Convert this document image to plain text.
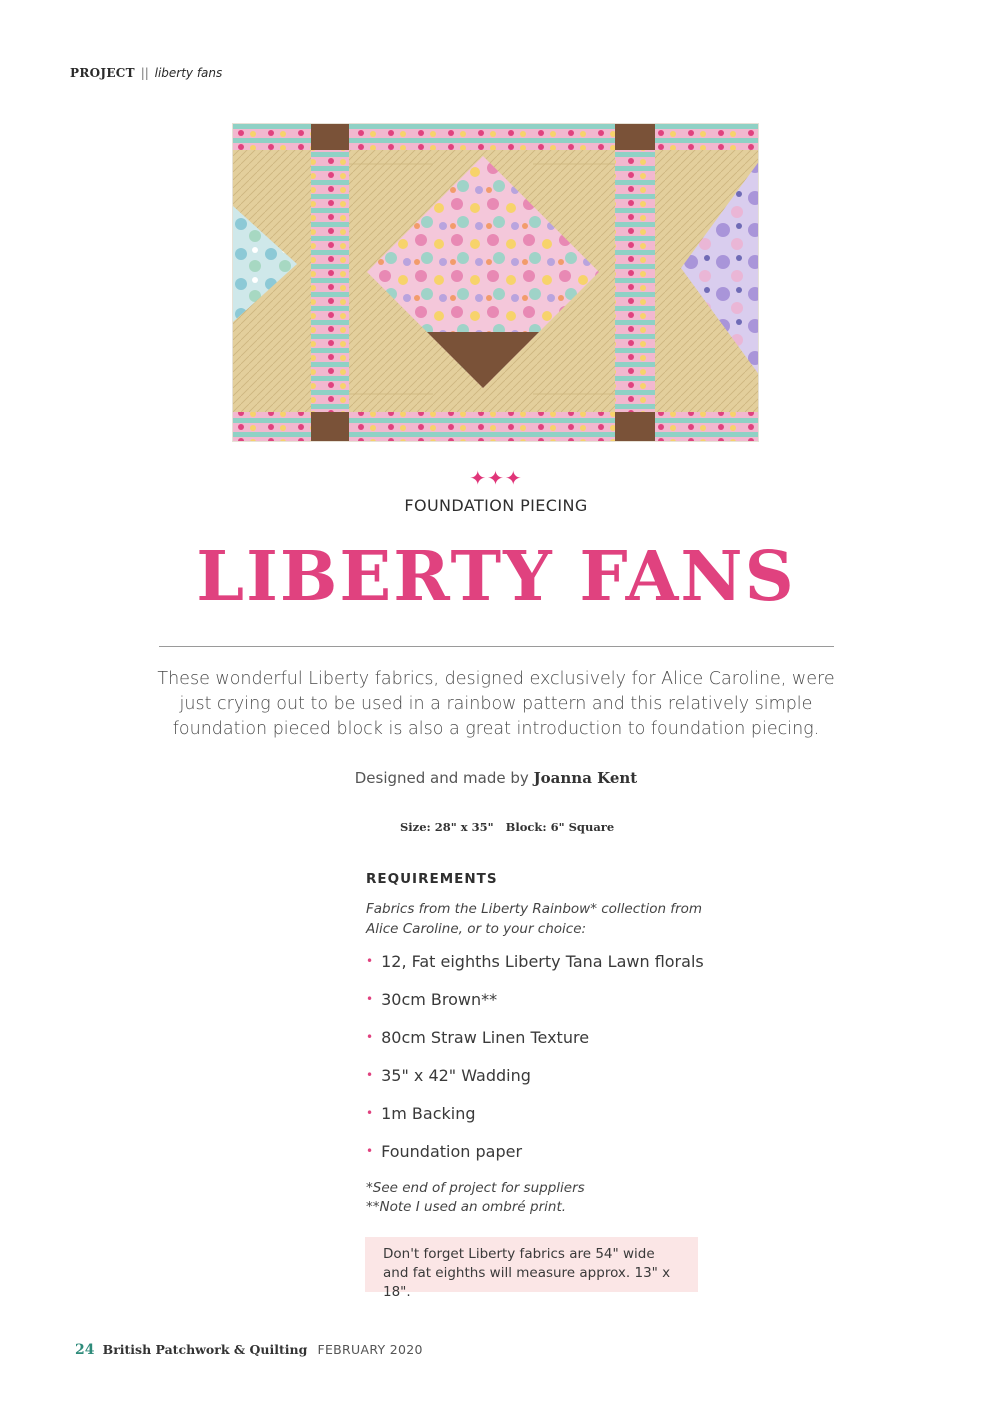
PROJECT || liberty fans
✦✦✦
FOUNDATION PIECING
LIBERTY FANS

These wonderful Liberty fabrics, designed exclusively for Alice Caroline, were just crying out to be used in a rainbow pattern and this relatively simple foundation pieced block is also a great introduction to foundation piecing.

Designed and made by Joanna Kent

Size: 28" x 35" Block: 6" Square
REQUIREMENTS

Fabrics from the Liberty Rainbow* collection from Alice Caroline, or to your choice:

• 12, Fat eighths Liberty Tana Lawn florals
• 30cm Brown**
• 80cm Straw Linen Texture
• 35" x 42" Wadding
• 1m Backing
• Foundation paper
*See end of project for suppliers
**Note I used an ombré print.
Don't forget Liberty fabrics are 54" wide and fat eighths will measure approx. 13" x 18".
24 British Patchwork & Quilting FEBRUARY 2020
